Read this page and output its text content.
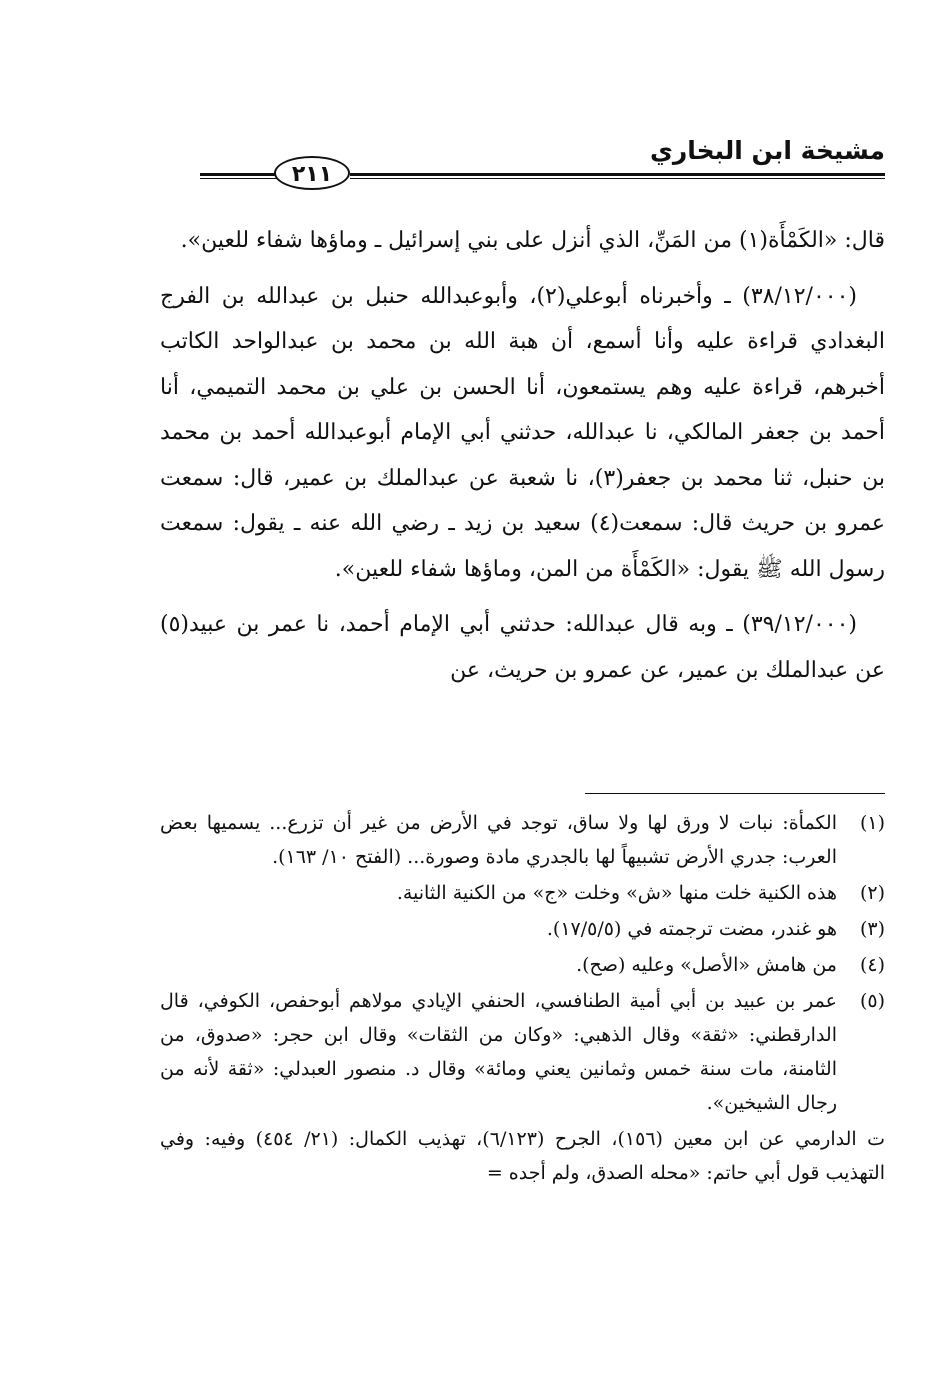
مشيخة ابن البخاري
٢١١

قال: «الكَمْأَة(١) من المَنِّ، الذي أنزل على بني إسرائيل ـ وماؤها شفاء للعين».

(٣٨/١٢/٠٠٠) ـ وأخبرناه أبوعلي(٢)، وأبوعبدالله حنبل بن عبدالله بن الفرج البغدادي قراءة عليه وأنا أسمع، أن هبة الله بن محمد بن عبدالواحد الكاتب أخبرهم، قراءة عليه وهم يستمعون، أنا الحسن بن علي بن محمد التميمي، أنا أحمد بن جعفر المالكي، نا عبدالله، حدثني أبي الإمام أبوعبدالله أحمد بن محمد بن حنبل، ثنا محمد بن جعفر(٣)، نا شعبة عن عبدالملك بن عمير، قال: سمعت عمرو بن حريث قال: سمعت(٤) سعيد بن زيد ـ رضي الله عنه ـ يقول: سمعت رسول الله ﷺ يقول: «الكَمْأَة من المن، وماؤها شفاء للعين».

(٣٩/١٢/٠٠٠) ـ وبه قال عبدالله: حدثني أبي الإمام أحمد، نا عمر بن عبيد(٥) عن عبدالملك بن عمير، عن عمرو بن حريث، عن

(١)
الكمأة: نبات لا ورق لها ولا ساق، توجد في الأرض من غير أن تزرع... يسميها بعض العرب: جدري الأرض تشبيهاً لها بالجدري مادة وصورة... (الفتح ١٠/ ١٦٣).
(٢)
هذه الكنية خلت منها «ش» وخلت «ج» من الكنية الثانية.
(٣)
هو غندر، مضت ترجمته في (١٧/٥/٥).
(٤)
من هامش «الأصل» وعليه (صح).
(٥)
عمر بن عبيد بن أبي أمية الطنافسي، الحنفي الإيادي مولاهم أبوحفص، الكوفي، قال الدارقطني: «ثقة» وقال الذهبي: «وكان من الثقات» وقال ابن حجر: «صدوق، من الثامنة، مات سنة خمس وثمانين يعني ومائة» وقال د. منصور العبدلي: «ثقة لأنه من رجال الشيخين».

ت الدارمي عن ابن معين (١٥٦)، الجرح (٦/١٢٣)، تهذيب الكمال: (٢١/ ٤٥٤) وفيه: وفي التهذيب قول أبي حاتم: «محله الصدق، ولم أجده =
